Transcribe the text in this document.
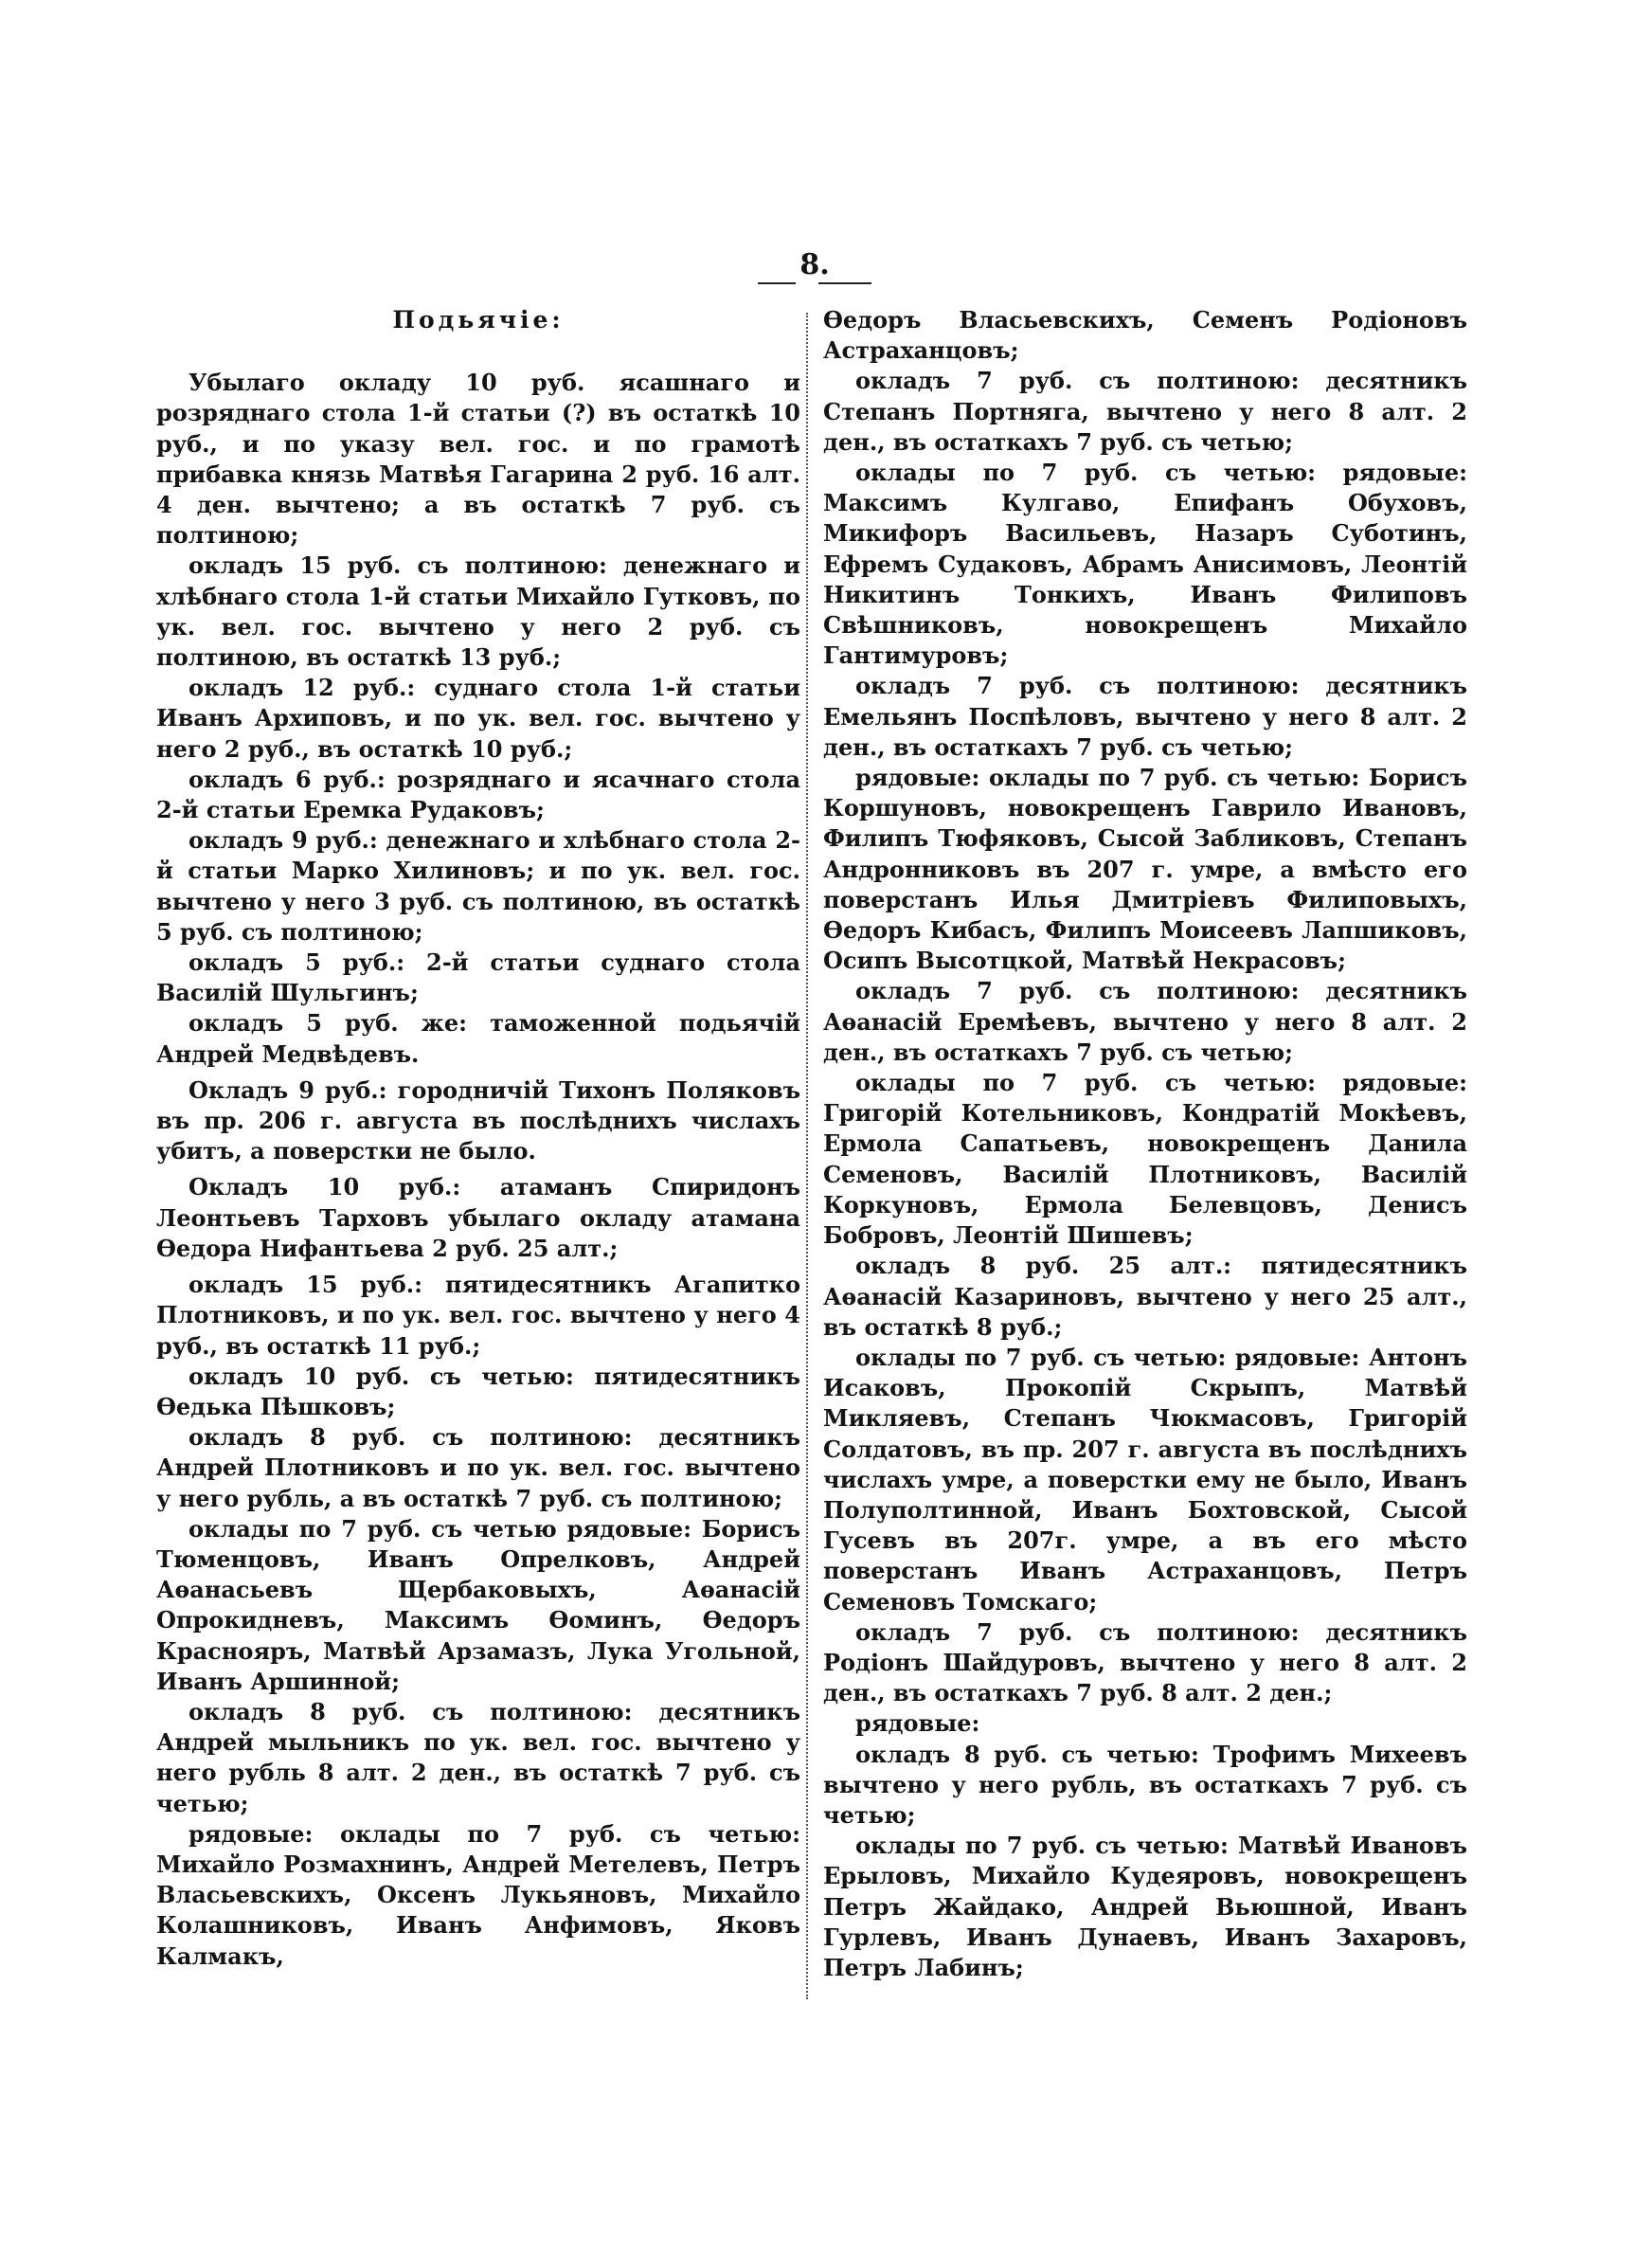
8.

Подьячіе:

Убылаго окладу 10 руб. ясашнаго и розряднаго стола 1-й статьи (?) въ остаткѣ 10 руб., и по указу вел. гос. и по грамотѣ прибавка князь Матвѣя Гагарина 2 руб. 16 алт. 4 ден. вычтено; а въ остаткѣ 7 руб. съ полтиною;

окладъ 15 руб. съ полтиною: денежнаго и хлѣбнаго стола 1-й статьи Михайло Гутковъ, по ук. вел. гос. вычтено у него 2 руб. съ полтиною, въ остаткѣ 13 руб.;

окладъ 12 руб.: суднаго стола 1-й статьи Иванъ Архиповъ, и по ук. вел. гос. вычтено у него 2 руб., въ остаткѣ 10 руб.;

окладъ 6 руб.: розряднаго и ясачнаго стола 2-й статьи Еремка Рудаковъ;

окладъ 9 руб.: денежнаго и хлѣбнаго стола 2-й статьи Марко Хилиновъ; и по ук. вел. гос. вычтено у него 3 руб. съ полтиною, въ остаткѣ 5 руб. съ полтиною;

окладъ 5 руб.: 2-й статьи суднаго стола Василій Шульгинъ;

окладъ 5 руб. же: таможенной подьячій Андрей Медвѣдевъ.

Окладъ 9 руб.: городничій Тихонъ Поляковъ въ пр. 206 г. августа въ послѣднихъ числахъ убитъ, а поверстки не было.

Окладъ 10 руб.: атаманъ Спиридонъ Леонтьевъ Тарховъ убылаго окладу атамана Өедора Нифантьева 2 руб. 25 алт.;

окладъ 15 руб.: пятидесятникъ Агапитко Плотниковъ, и по ук. вел. гос. вычтено у него 4 руб., въ остаткѣ 11 руб.;

окладъ 10 руб. съ четью: пятидесятникъ Өедька Пѣшковъ;

окладъ 8 руб. съ полтиною: десятникъ Андрей Плотниковъ и по ук. вел. гос. вычтено у него рубль, а въ остаткѣ 7 руб. съ полтиною;

оклады по 7 руб. съ четью рядовые: Борисъ Тюменцовъ, Иванъ Опрелковъ, Андрей Аѳанасьевъ Щербаковыхъ, Аѳанасій Опрокидневъ, Максимъ Өоминъ, Өедоръ Краснояръ, Матвѣй Арзамазъ, Лука Угольной, Иванъ Аршинной;

окладъ 8 руб. съ полтиною: десятникъ Андрей мыльникъ по ук. вел. гос. вычтено у него рубль 8 алт. 2 ден., въ остаткѣ 7 руб. съ четью;

рядовые: оклады по 7 руб. съ четью: Михайло Розмахнинъ, Андрей Метелевъ, Петръ Власьевскихъ, Оксенъ Лукьяновъ, Михайло Колашниковъ, Иванъ Анфимовъ, Яковъ Калмакъ,

Өедоръ Власьевскихъ, Семенъ Родіоновъ Астраханцовъ;

окладъ 7 руб. съ полтиною: десятникъ Степанъ Портнягa, вычтено у него 8 алт. 2 ден., въ остаткахъ 7 руб. съ четью;

оклады по 7 руб. съ четью: рядовые: Максимъ Кулгаво, Епифанъ Обуховъ, Микифоръ Васильевъ, Назаръ Суботинъ, Ефремъ Судаковъ, Абрамъ Анисимовъ, Леонтій Никитинъ Тонкихъ, Иванъ Филиповъ Свѣшниковъ, новокрещенъ Михайло Гантимуровъ;

окладъ 7 руб. съ полтиною: десятникъ Емельянъ Поспѣловъ, вычтено у него 8 алт. 2 ден., въ остаткахъ 7 руб. съ четью;

рядовые: оклады по 7 руб. съ четью: Борисъ Коршуновъ, новокрещенъ Гаврило Ивановъ, Филипъ Тюфяковъ, Сысой Забликовъ, Степанъ Андронниковъ въ 207 г. умре, а вмѣсто его поверстанъ Илья Дмитріевъ Филиповыхъ, Өедоръ Кибасъ, Филипъ Моисеевъ Лапшиковъ, Осипъ Высотцкой, Матвѣй Некрасовъ;

окладъ 7 руб. съ полтиною: десятникъ Аѳанасій Еремѣевъ, вычтено у него 8 алт. 2 ден., въ остаткахъ 7 руб. съ четью;

оклады по 7 руб. съ четью: рядовые: Григорій Котельниковъ, Кондратій Мокѣевъ, Ермола Сапатьевъ, новокрещенъ Данила Семеновъ, Василій Плотниковъ, Василій Коркуновъ, Ермола Белевцовъ, Денисъ Бобровъ, Леонтій Шишевъ;

окладъ 8 руб. 25 алт.: пятидесятникъ Аѳанасій Казариновъ, вычтено у него 25 алт., въ остаткѣ 8 руб.;

оклады по 7 руб. съ четью: рядовые: Антонъ Исаковъ, Прокопій Скрыпъ, Матвѣй Микляевъ, Степанъ Чюкмасовъ, Григорій Солдатовъ, въ пр. 207 г. августа въ послѣднихъ числахъ умре, а поверстки ему не было, Иванъ Полуполтинной, Иванъ Бохтовской, Сысой Гусевъ въ 207г. умре, а въ его мѣсто поверстанъ Иванъ Астраханцовъ, Петръ Семеновъ Томскаго;

окладъ 7 руб. съ полтиною: десятникъ Родіонъ Шайдуровъ, вычтено у него 8 алт. 2 ден., въ остаткахъ 7 руб. 8 алт. 2 ден.;

рядовые:

окладъ 8 руб. съ четью: Трофимъ Михеевъ вычтено у него рубль, въ остаткахъ 7 руб. съ четью;

оклады по 7 руб. съ четью: Матвѣй Ивановъ Ерыловъ, Михайло Кудеяровъ, новокрещенъ Петръ Жайдако, Андрей Вьюшной, Иванъ Гурлевъ, Иванъ Дунаевъ, Иванъ Захаровъ, Петръ Лабинъ;
